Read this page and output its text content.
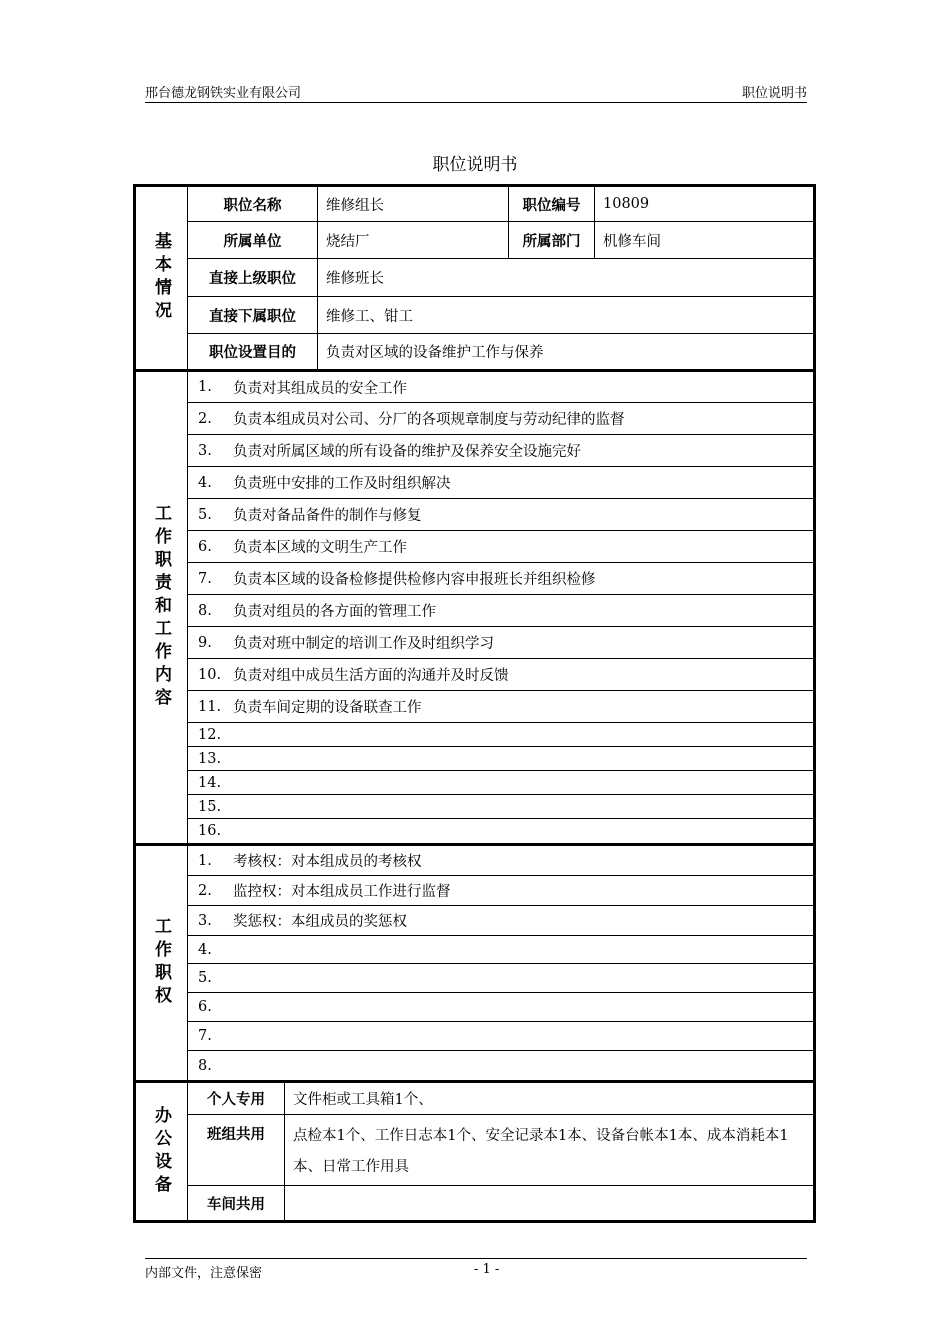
邢台德龙钢铁实业有限公司	职位说明书
职位说明书
基本情况
职位名称	维修组长	职位编号	10809
所属单位	烧结厂	所属部门	机修车间
直接上级职位	维修班长
直接下属职位	维修工、钳工
职位设置目的	负责对区域的设备维护工作与保养
工作职责和工作内容
1.	负责对其组成员的安全工作
2.	负责本组成员对公司、分厂的各项规章制度与劳动纪律的监督
3.	负责对所属区域的所有设备的维护及保养安全设施完好
4.	负责班中安排的工作及时组织解决
5.	负责对备品备件的制作与修复
6.	负责本区域的文明生产工作
7.	负责本区域的设备检修提供检修内容申报班长并组织检修
8.	负责对组员的各方面的管理工作
9.	负责对班中制定的培训工作及时组织学习
10. 负责对组中成员生活方面的沟通并及时反馈
11. 负责车间定期的设备联查工作
12.
13.
14.
15.
16.
工作职权
1.	考核权：对本组成员的考核权
2.	监控权：对本组成员工作进行监督
3.	奖惩权：本组成员的奖惩权
4.
5.
6.
7.
8.
办公设备
个人专用	文件柜或工具箱1个、
班组共用	点检本1个、工作日志本1个、安全记录本1本、设备台帐本1本、成本消耗本1本、日常工作用具
车间共用
内部文件，注意保密	- 1 -
